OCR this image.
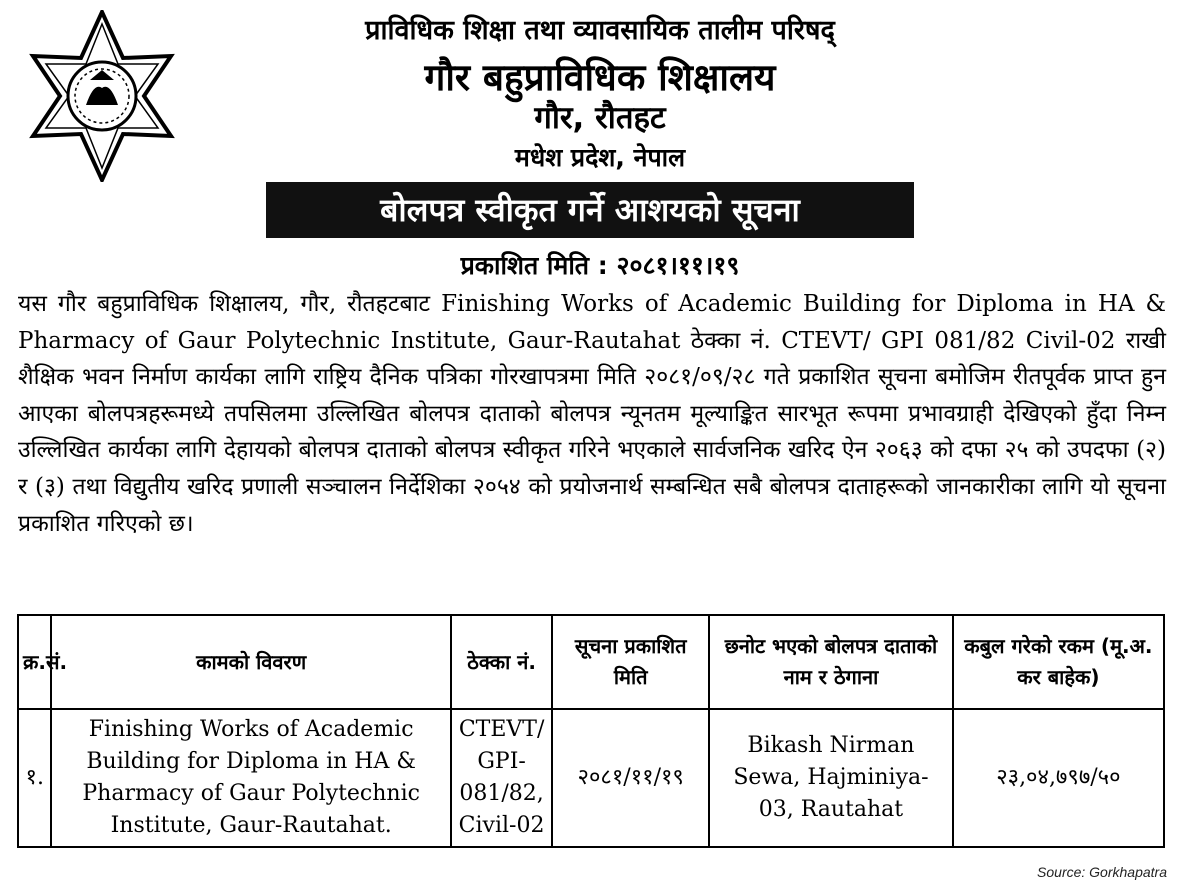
प्राविधिक शिक्षा तथा व्यावसायिक तालीम परिषद्
गौर बहुप्राविधिक शिक्षालय
गौर, रौतहट
मधेश प्रदेश, नेपाल
बोलपत्र स्वीकृत गर्ने आशयको सूचना
प्रकाशित मिति : २०८१।११।१९
यस गौर बहुप्राविधिक शिक्षालय, गौर, रौतहटबाट Finishing Works of Academic Building for Diploma in HA & Pharmacy of Gaur Polytechnic Institute, Gaur-Rautahat ठेक्का नं. CTEVT/ GPI 081/82 Civil-02 राखी शैक्षिक भवन निर्माण कार्यका लागि राष्ट्रिय दैनिक पत्रिका गोरखापत्रमा मिति २०८१/०९/२८ गते प्रकाशित सूचना बमोजिम रीतपूर्वक प्राप्त हुन आएका बोलपत्रहरूमध्ये तपसिलमा उल्लिखित बोलपत्र दाताको बोलपत्र न्यूनतम मूल्याङ्कित सारभूत रूपमा प्रभावग्राही देखिएको हुँदा निम्न उल्लिखित कार्यका लागि देहायको बोलपत्र दाताको बोलपत्र स्वीकृत गरिने भएकाले सार्वजनिक खरिद ऐन २०६३ को दफा २५ को उपदफा (२) र (३) तथा विद्युतीय खरिद प्रणाली सञ्चालन निर्देशिका २०५४ को प्रयोजनार्थ सम्बन्धित सबै बोलपत्र दाताहरूको जानकारीका लागि यो सूचना प्रकाशित गरिएको छ।
क्र.सं.	कामको विवरण	ठेक्का नं.	सूचना प्रकाशित मिति	छनोट भएको बोलपत्र दाताको नाम र ठेगाना	कबुल गरेको रकम (मू.अ. कर बाहेक)
१.	Finishing Works of Academic Building for Diploma in HA & Pharmacy of Gaur Polytechnic Institute, Gaur-Rautahat.	CTEVT/ GPI- 081/82, Civil-02	२०८१/११/१९	Bikash Nirman Sewa, Hajminiya- 03, Rautahat	२३,०४,७९७/५०
Source: Gorkhapatra
